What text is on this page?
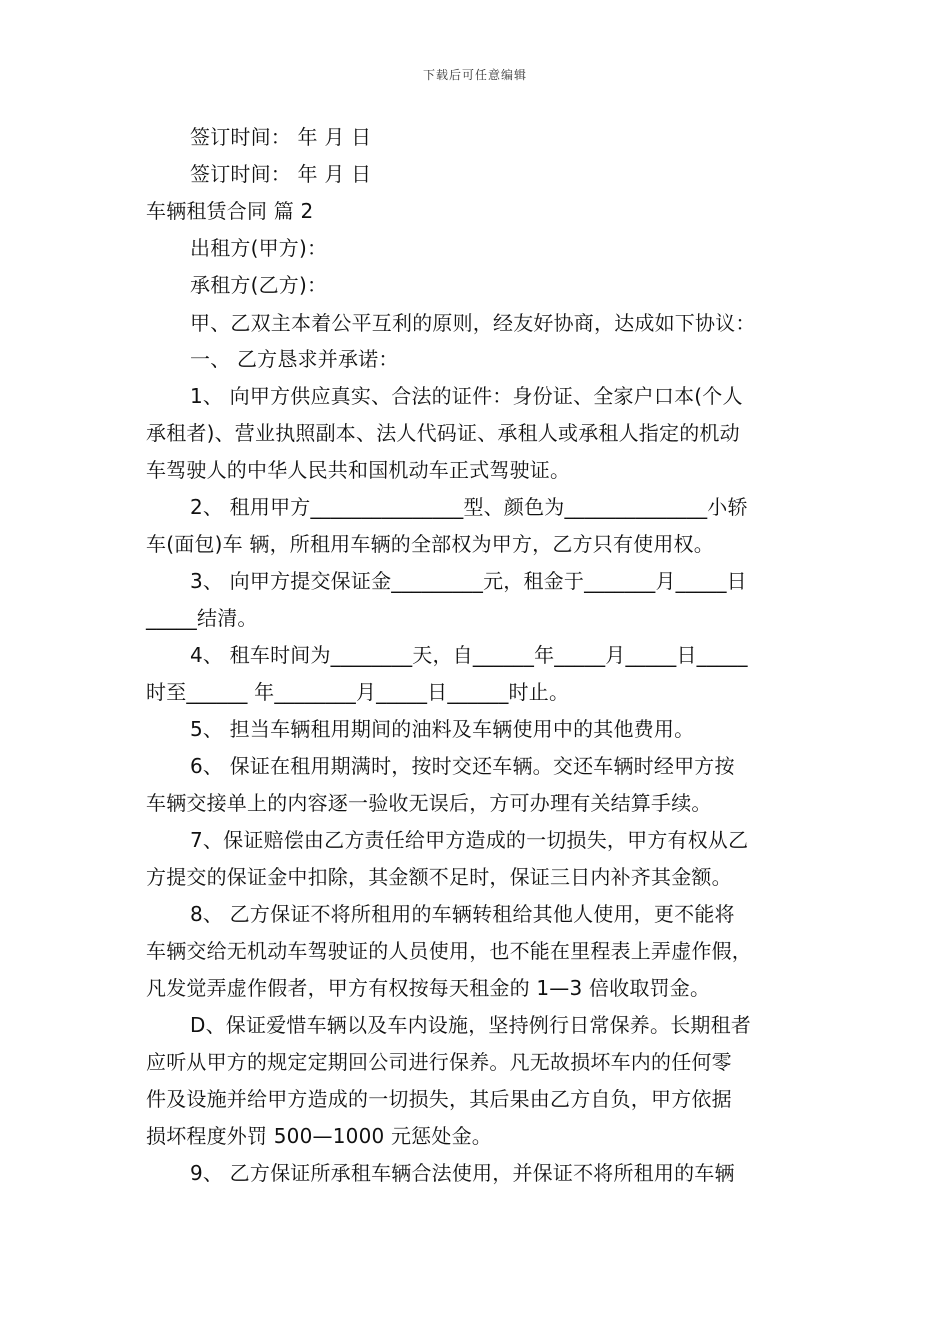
下载后可任意编辑
签订时间： 年 月 日
签订时间： 年 月 日
车辆租赁合同 篇 2
出租方(甲方)：
承租方(乙方)：
甲、乙双主本着公平互利的原则，经友好协商，达成如下协议：
一、 乙方恳求并承诺：
1、 向甲方供应真实、合法的证件：身份证、全家户口本(个人
承租者)、营业执照副本、法人代码证、承租人或承租人指定的机动
车驾驶人的中华人民共和国机动车正式驾驶证。
2、 租用甲方_______________型、颜色为______________小轿
车(面包)车 辆，所租用车辆的全部权为甲方，乙方只有使用权。
3、 向甲方提交保证金_________元，租金于_______月_____日
_____结清。
4、 租车时间为________天，自______年_____月_____日_____
时至______ 年________月_____日______时止。
5、 担当车辆租用期间的油料及车辆使用中的其他费用。
6、 保证在租用期满时，按时交还车辆。交还车辆时经甲方按
车辆交接单上的内容逐一验收无误后，方可办理有关结算手续。
7、保证赔偿由乙方责任给甲方造成的一切损失，甲方有权从乙
方提交的保证金中扣除，其金额不足时，保证三日内补齐其金额。
8、 乙方保证不将所租用的车辆转租给其他人使用，更不能将
车辆交给无机动车驾驶证的人员使用，也不能在里程表上弄虚作假，
凡发觉弄虚作假者，甲方有权按每天租金的 1—3 倍收取罚金。
D、保证爱惜车辆以及车内设施，坚持例行日常保养。长期租者
应听从甲方的规定定期回公司进行保养。凡无故损坏车内的任何零
件及设施并给甲方造成的一切损失，其后果由乙方自负，甲方依据
损坏程度外罚 500—1000 元惩处金。
9、 乙方保证所承租车辆合法使用，并保证不将所租用的车辆
